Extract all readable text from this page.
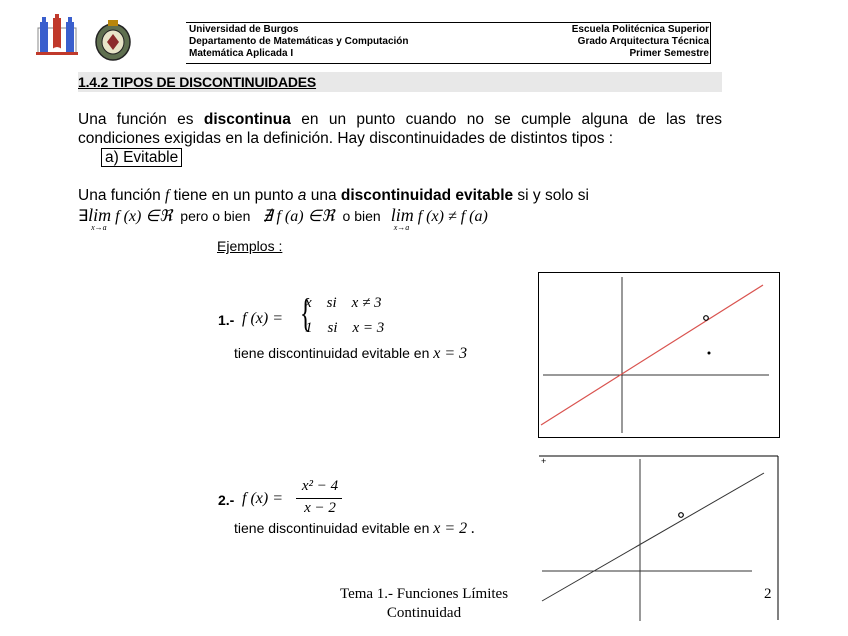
Universidad de Burgos
Departamento de Matemáticas y Computación
Matemática Aplicada I
Escuela Politécnica Superior
Grado Arquitectura Técnica
Primer Semestre
1.4.2 TIPOS DE DISCONTINUIDADES
Una función es discontinua en un punto cuando no se cumple alguna de las tres condiciones exigidas en la definición. Hay discontinuidades de distintos tipos :
a) Evitable
Una función f tiene en un punto a una discontinuidad evitable si y solo si
∃lim
x→a
f (x) ∈ℜ pero o bien ∄ f (a) ∈ℜ o bien lim
x→a
f (x) ≠ f (a)
Ejemplos :
1.- f (x) = {
x    si    x ≠ 3
1    si    x = 3
tiene discontinuidad evitable en x = 3
2.- f (x) =
x² − 4
x − 2
tiene discontinuidad evitable en x = 2 .
+
Tema 1.- Funciones Límites
Continuidad
2
